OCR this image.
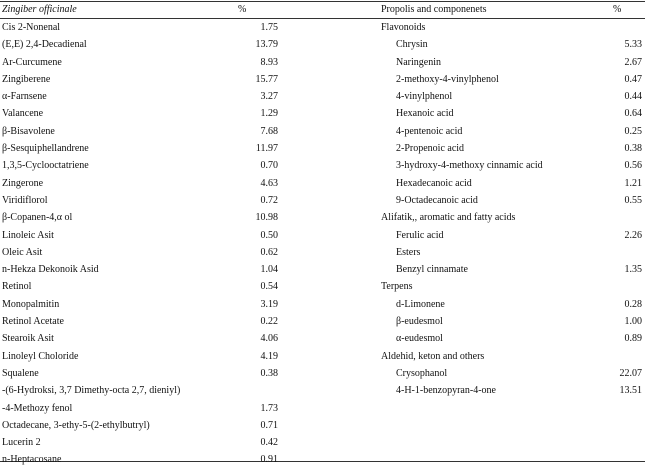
Zingiber officinale	%
Cis 2-Nonenal	1.75
(E,E) 2,4-Decadienal	13.79
Ar-Curcumene	8.93
Zingiberene	15.77
α-Farnsene	3.27
Valancene	1.29
β-Bisavolene	7.68
β-Sesquiphellandrene	11.97
1,3,5-Cyclooctatriene	0.70
Zingerone	4.63
Viridiflorol	0.72
β-Copanen-4,α ol	10.98
Linoleic Asit	0.50
Oleic Asit	0.62
n-Hekza Dekonoik Asid	1.04
Retinol	0.54
Monopalmitin	3.19
Retinol Acetate	0.22
Stearoik Asit	4.06
Linoleyl Choloride	4.19
Squalene	0.38
-(6-Hydroksi, 3,7 Dimethy-octa 2,7, dieniyl)
-4-Methozy fenol	1.73
Octadecane, 3-ethy-5-(2-ethylbutryl)	0.71
Lucerin 2	0.42
n-Heptacosane	0.91
Propolis and componenets	%
Flavonoids
Chrysin	5.33
Naringenin	2.67
2-methoxy-4-vinylphenol	0.47
4-vinylphenol	0.44
Hexanoic acid	0.64
4-pentenoic acid	0.25
2-Propenoic acid	0.38
3-hydroxy-4-methoxy cinnamic acid	0.56
Hexadecanoic acid	1.21
9-Octadecanoic acid	0.55
Alifatik,, aromatic and fatty acids
Ferulic acid	2.26
Esters
Benzyl cinnamate	1.35
Terpens
d-Limonene	0.28
β-eudesmol	1.00
α-eudesmol	0.89
Aldehid, keton and others
Crysophanol	22.07
4-H-1-benzopyran-4-one	13.51
